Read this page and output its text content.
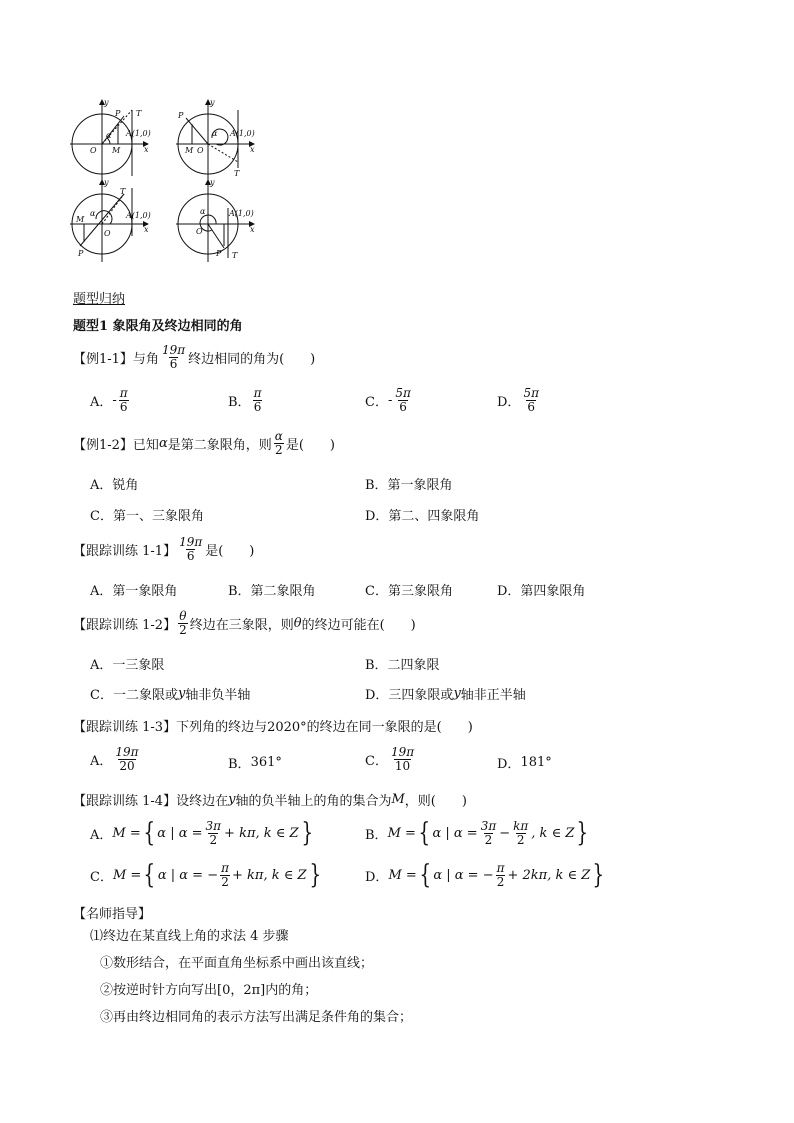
y
x
O
A(1,0)
P T
M
α
y
x
O
A(1,0)
P
T
M
α
y
x
O
A(1,0)
P
T
M
α
y
x
O
A(1,0)
P T
α
题型归纳
题型1 象限角及终边相同的角
【例1-1】与角 $\frac{19\pi}{6}$ 终边相同的角为(　　)
A． - $\frac{\pi}{6}$	B． $\frac{\pi}{6}$	C． - $\frac{5\pi}{6}$	D． $\frac{5\pi}{6}$
【例1-2】已知 α 是第二象限角，则 $\frac{\alpha}{2}$ 是(　　)
A．锐角	B．第一象限角
C．第一、三象限角	D．第二、四象限角
【跟踪训练 1-1】 $\frac{19\pi}{6}$ 是(　　)
A．第一象限角	B．第二象限角	C．第三象限角	D．第四象限角
【跟踪训练 1-2】 $\frac{\theta}{2}$ 终边在三象限，则 θ 的终边可能在(　　)
A．一三象限	B．二四象限
C．一二象限或 y 轴非负半轴	D．三四象限或 y 轴非正半轴
【跟踪训练 1-3】下列角的终边与2020°的终边在同一象限的是(　　)
A． $\frac{19\pi}{20}$	B． 361°	C． $\frac{19\pi}{10}$	D． 181°
【跟踪训练 1-4】设终边在 y 轴的负半轴上的角的集合为 M ，则(　　)
A． M = { α | $\alpha = \frac{3\pi}{2} + k\pi$, k ∈ Z }	B． M = { α | $\alpha = \frac{3\pi}{2} - \frac{k\pi}{2}$ , k ∈ Z }
C． M = { α | α = − $\frac{\pi}{2} + k\pi$, k ∈ Z }	D． M = { α | α = − $\frac{\pi}{2} + 2k\pi$, k ∈ Z }
【名师指导】
⑴终边在某直线上角的求法 4 步骤
①数形结合，在平面直角坐标系中画出该直线；
②按逆时针方向写出[0，2π]内的角；
③再由终边相同角的表示方法写出满足条件角的集合；
